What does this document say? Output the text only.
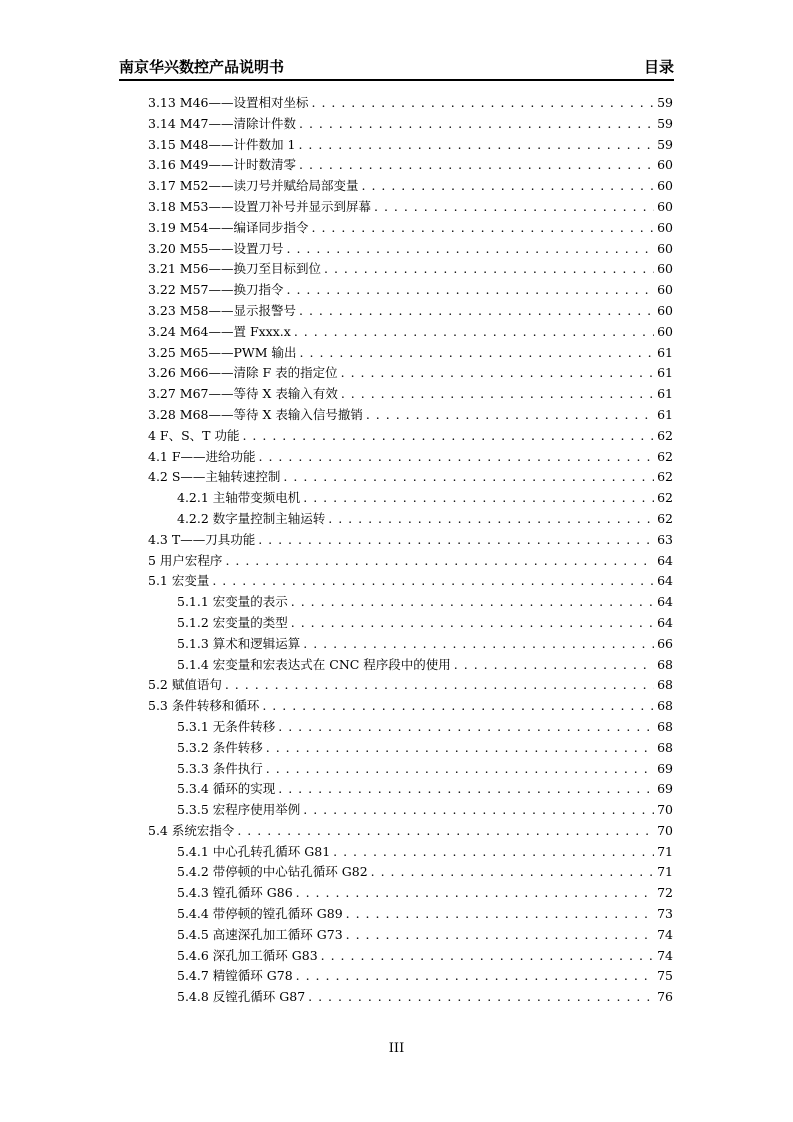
南京华兴数控产品说明书	目录
3.13 M46——设置相对坐标 . . .	59
3.14 M47——清除计件数 . . .	59
3.15 M48——计件数加 1 . . .	59
3.16 M49——计时数清零 . . .	60
3.17 M52——读刀号并赋给局部变量 . . .	60
3.18 M53——设置刀补号并显示到屏幕 . . .	60
3.19 M54——编译同步指令 . . .	60
3.20 M55——设置刀号 . . .	60
3.21 M56——换刀至目标到位 . . .	60
3.22 M57——换刀指令 . . .	60
3.23 M58——显示报警号 . . .	60
3.24 M64——置 Fxxx.x . . .	60
3.25 M65——PWM 输出 . . .	61
3.26 M66——清除 F 表的指定位 . . .	61
3.27 M67——等待 X 表输入有效 . . .	61
3.28 M68——等待 X 表输入信号撤销 . . .	61
4 F、S、T 功能 . . .	62
4.1 F——进给功能 . . .	62
4.2 S——主轴转速控制 . . .	62
4.2.1 主轴带变频电机 . . .	62
4.2.2 数字量控制主轴运转 . . .	62
4.3 T——刀具功能 . . .	63
5 用户宏程序 . . .	64
5.1 宏变量 . . .	64
5.1.1 宏变量的表示 . . .	64
5.1.2 宏变量的类型 . . .	64
5.1.3 算术和逻辑运算 . . .	66
5.1.4 宏变量和宏表达式在 CNC 程序段中的使用 . . .	68
5.2 赋值语句 . . .	68
5.3 条件转移和循环 . . .	68
5.3.1 无条件转移 . . .	68
5.3.2 条件转移 . . .	68
5.3.3 条件执行 . . .	69
5.3.4 循环的实现 . . .	69
5.3.5 宏程序使用举例 . . .	70
5.4 系统宏指令 . . .	70
5.4.1 中心孔转孔循环 G81 . . .	71
5.4.2 带停顿的中心钻孔循环 G82 . . .	71
5.4.3 镗孔循环 G86 . . .	72
5.4.4 带停顿的镗孔循环 G89 . . .	73
5.4.5 高速深孔加工循环 G73 . . .	74
5.4.6 深孔加工循环 G83 . . .	74
5.4.7 精镗循环 G78 . . .	75
5.4.8 反镗孔循环 G87 . . .	76
III
